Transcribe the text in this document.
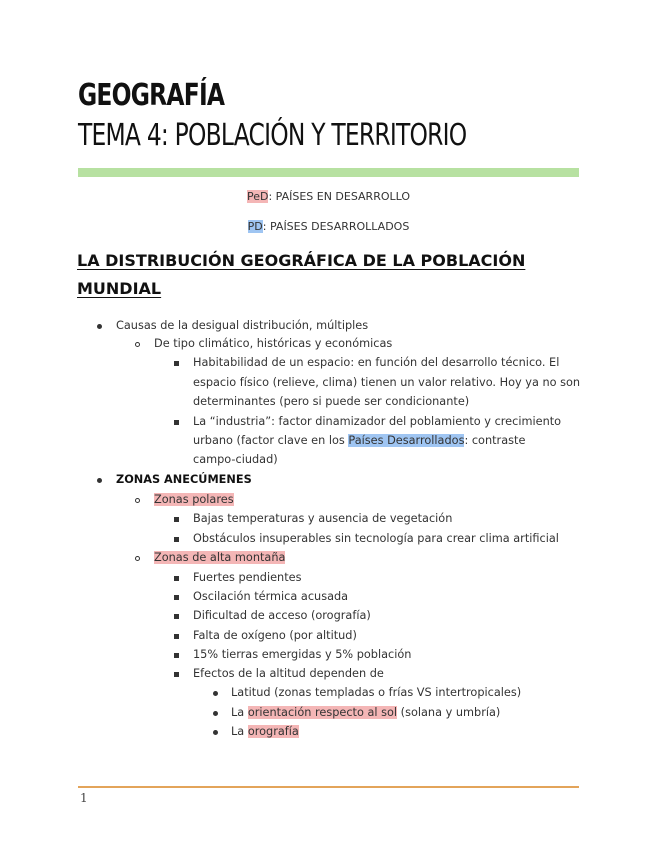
GEOGRAFÍA
TEMA 4: POBLACIÓN Y TERRITORIO
PeD: PAÍSES EN DESARROLLO
PD: PAÍSES DESARROLLADOS
LA DISTRIBUCIÓN GEOGRÁFICA DE LA POBLACIÓN
MUNDIAL
Causas de la desigual distribución, múltiples
De tipo climático, históricas y económicas
Habitabilidad de un espacio: en función del desarrollo técnico. El
espacio físico (relieve, clima) tienen un valor relativo. Hoy ya no son
determinantes (pero si puede ser condicionante)
La “industria”: factor dinamizador del poblamiento y crecimiento
urbano (factor clave en los Países Desarrollados: contraste
campo-ciudad)
ZONAS ANECÚMENES
Zonas polares
Bajas temperaturas y ausencia de vegetación
Obstáculos insuperables sin tecnología para crear clima artificial
Zonas de alta montaña
Fuertes pendientes
Oscilación térmica acusada
Dificultad de acceso (orografía)
Falta de oxígeno (por altitud)
15% tierras emergidas y 5% población
Efectos de la altitud dependen de
Latitud (zonas templadas o frías VS intertropicales)
La orientación respecto al sol (solana y umbría)
La orografía
1
